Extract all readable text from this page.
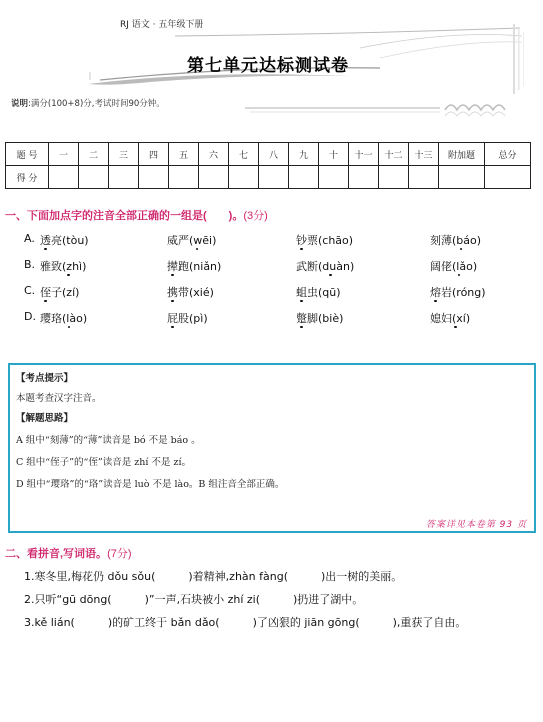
RJ 语文 · 五年级下册
第七单元达标测试卷
说明:满分(100+8)分,考试时间90分钟。
题 号	一	二	三	四	五	六	七	八	九	十	十一	十二	十三	附加题	总分
得 分															
一、下面加点字的注音全部正确的一组是(　　)。(3分)
A. 透亮(tòu)	威严(wēi)	钞票(chāo)	刻薄(báo)
B. 雅致(zhì)	撵跑(niǎn)	武断(duàn)	阔佬(lǎo)
C. 侄子(zí)	携带(xié)	蛆虫(qū)	熔岩(róng)
D. 璎珞(lào)	屁股(pì)	蹩脚(biè)	媳妇(xí)
【考点提示】
本题考查汉字注音。
【解题思路】
A 组中“刻薄”的“薄”读音是 bó 不是 báo 。
C 组中“侄子”的“侄”读音是 zhí 不是 zí。
D 组中“璎珞”的“珞”读音是 luò 不是 lào。B 组注音全部正确。
答案详见本卷第 93 页
二、看拼音,写词语。(7分)
1.寒冬里,梅花仍 dǒu sǒu(　　　)着精神,zhàn fàng(　　　)出一树的美丽。
2.只听“gū dōng(　　　)”一声,石块被小 zhí zi(　　　)扔进了湖中。
3.kě lián(　　　)的矿工终于 bǎn dǎo(　　　)了凶狠的 jiān gōng(　　　),重获了自由。
